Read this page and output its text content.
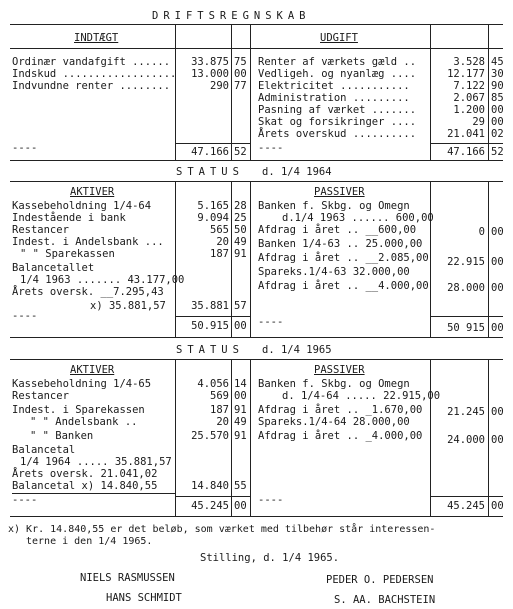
DRIFTSREGNSKAB
INDTÆGT	UDGIFT
Ordinær vandafgift ......	33.875 75
Indskud ..................	13.000 00
Indvundne renter ........	290 77
Renter af værkets gæld ..	3.528 45
Vedligeh. og nyanlæg ....	12.177 30
Elektricitet ...........	7.122 90
Administration .........	2.067 85
Pasning af værket .......	1.200 00
Skat og forsikringer ....	29 00
Årets overskud ..........	21.041 02
----	----
47.166 52	47.166 52
STATUS d. 1/4 1964
AKTIVER	PASSIVER
Kassebeholdning 1/4-64	5.165 28
Indestående i bank	9.094 25
Restancer	565 50
Indest. i Andelsbank ...	20 49
" " Sparekassen	187 91
Balancetallet
1/4 1963 ....... 43.177,00
Årets oversk. __7.295,43
x) 35.881,57	35.881 57
----
Banken f. Skbg. og Omegn
d.1/4 1963 ...... 600,00
Afdrag i året .. __600,00	0 00
Banken 1/4-63 .. 25.000,00
Afdrag i året .. __2.085,00	22.915 00
Spareks.1/4-63 32.000,00
Afdrag i året .. __4.000,00	28.000 00
----
50.915 00	50 915 00
STATUS d. 1/4 1965
AKTIVER	PASSIVER
Kassebeholdning 1/4-65	4.056 14
Restancer	569 00
Indest. i Sparekassen	187 91
" " Andelsbank ..	20 49
" " Banken	25.570 91
Balancetal
1/4 1964 ..... 35.881,57
Årets oversk. 21.041,02
Balancetal x) 14.840,55	14.840 55
----
Banken f. Skbg. og Omegn
d. 1/4-64 ..... 22.915,00
Afdrag i året .. _1.670,00	21.245 00
Spareks.1/4-64 28.000,00
Afdrag i året .. _4.000,00	24.000 00
----
45.245 00	45.245 00
x) Kr. 14.840,55 er det beløb, som værket med tilbehør står interessen-
terne i den 1/4 1965.
Stilling, d. 1/4 1965.
NIELS RASMUSSEN	PEDER O. PEDERSEN
HANS SCHMIDT	S. AA. BACHSTEIN
